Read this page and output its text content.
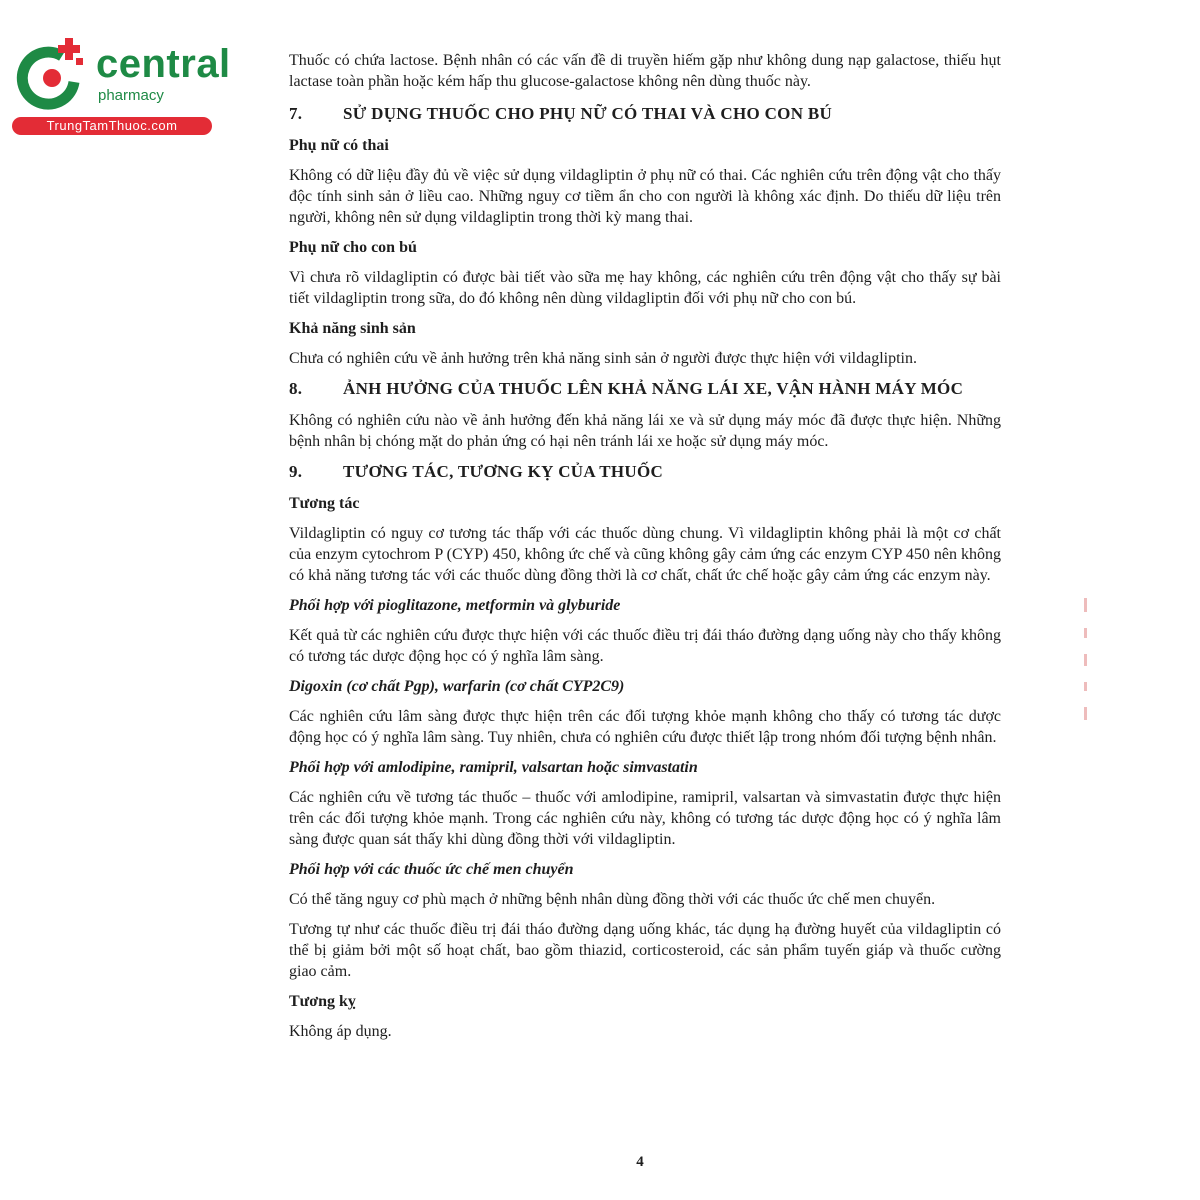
central
pharmacy
TrungTamThuoc.com

Thuốc có chứa lactose. Bệnh nhân có các vấn đề di truyền hiếm gặp như không dung nạp galactose, thiếu hụt lactase toàn phần hoặc kém hấp thu glucose-galactose không nên dùng thuốc này.

7.	SỬ DỤNG THUỐC CHO PHỤ NỮ CÓ THAI VÀ CHO CON BÚ
Phụ nữ có thai

Không có dữ liệu đầy đủ về việc sử dụng vildagliptin ở phụ nữ có thai. Các nghiên cứu trên động vật cho thấy độc tính sinh sản ở liều cao. Những nguy cơ tiềm ẩn cho con người là không xác định. Do thiếu dữ liệu trên người, không nên sử dụng vildagliptin trong thời kỳ mang thai.

Phụ nữ cho con bú

Vì chưa rõ vildagliptin có được bài tiết vào sữa mẹ hay không, các nghiên cứu trên động vật cho thấy sự bài tiết vildagliptin trong sữa, do đó không nên dùng vildagliptin đối với phụ nữ cho con bú.

Khả năng sinh sản

Chưa có nghiên cứu về ảnh hưởng trên khả năng sinh sản ở người được thực hiện với vildagliptin.

8.	ẢNH HƯỞNG CỦA THUỐC LÊN KHẢ NĂNG LÁI XE, VẬN HÀNH MÁY MÓC

Không có nghiên cứu nào về ảnh hưởng đến khả năng lái xe và sử dụng máy móc đã được thực hiện. Những bệnh nhân bị chóng mặt do phản ứng có hại nên tránh lái xe hoặc sử dụng máy móc.

9.	TƯƠNG TÁC, TƯƠNG KỴ CỦA THUỐC
Tương tác

Vildagliptin có nguy cơ tương tác thấp với các thuốc dùng chung. Vì vildagliptin không phải là một cơ chất của enzym cytochrom P (CYP) 450, không ức chế và cũng không gây cảm ứng các enzym CYP 450 nên không có khả năng tương tác với các thuốc dùng đồng thời là cơ chất, chất ức chế hoặc gây cảm ứng các enzym này.

Phối hợp với pioglitazone, metformin và glyburide

Kết quả từ các nghiên cứu được thực hiện với các thuốc điều trị đái tháo đường dạng uống này cho thấy không có tương tác dược động học có ý nghĩa lâm sàng.

Digoxin (cơ chất Pgp), warfarin (cơ chất CYP2C9)

Các nghiên cứu lâm sàng được thực hiện trên các đối tượng khỏe mạnh không cho thấy có tương tác dược động học có ý nghĩa lâm sàng. Tuy nhiên, chưa có nghiên cứu được thiết lập trong nhóm đối tượng bệnh nhân.

Phối hợp với amlodipine, ramipril, valsartan hoặc simvastatin

Các nghiên cứu về tương tác thuốc – thuốc với amlodipine, ramipril, valsartan và simvastatin được thực hiện trên các đối tượng khỏe mạnh. Trong các nghiên cứu này, không có tương tác dược động học có ý nghĩa lâm sàng được quan sát thấy khi dùng đồng thời với vildagliptin.

Phối hợp với các thuốc ức chế men chuyển

Có thể tăng nguy cơ phù mạch ở những bệnh nhân dùng đồng thời với các thuốc ức chế men chuyển.

Tương tự như các thuốc điều trị đái tháo đường dạng uống khác, tác dụng hạ đường huyết của vildagliptin có thể bị giảm bởi một số hoạt chất, bao gồm thiazid, corticosteroid, các sản phẩm tuyến giáp và thuốc cường giao cảm.

Tương kỵ

Không áp dụng.

4
